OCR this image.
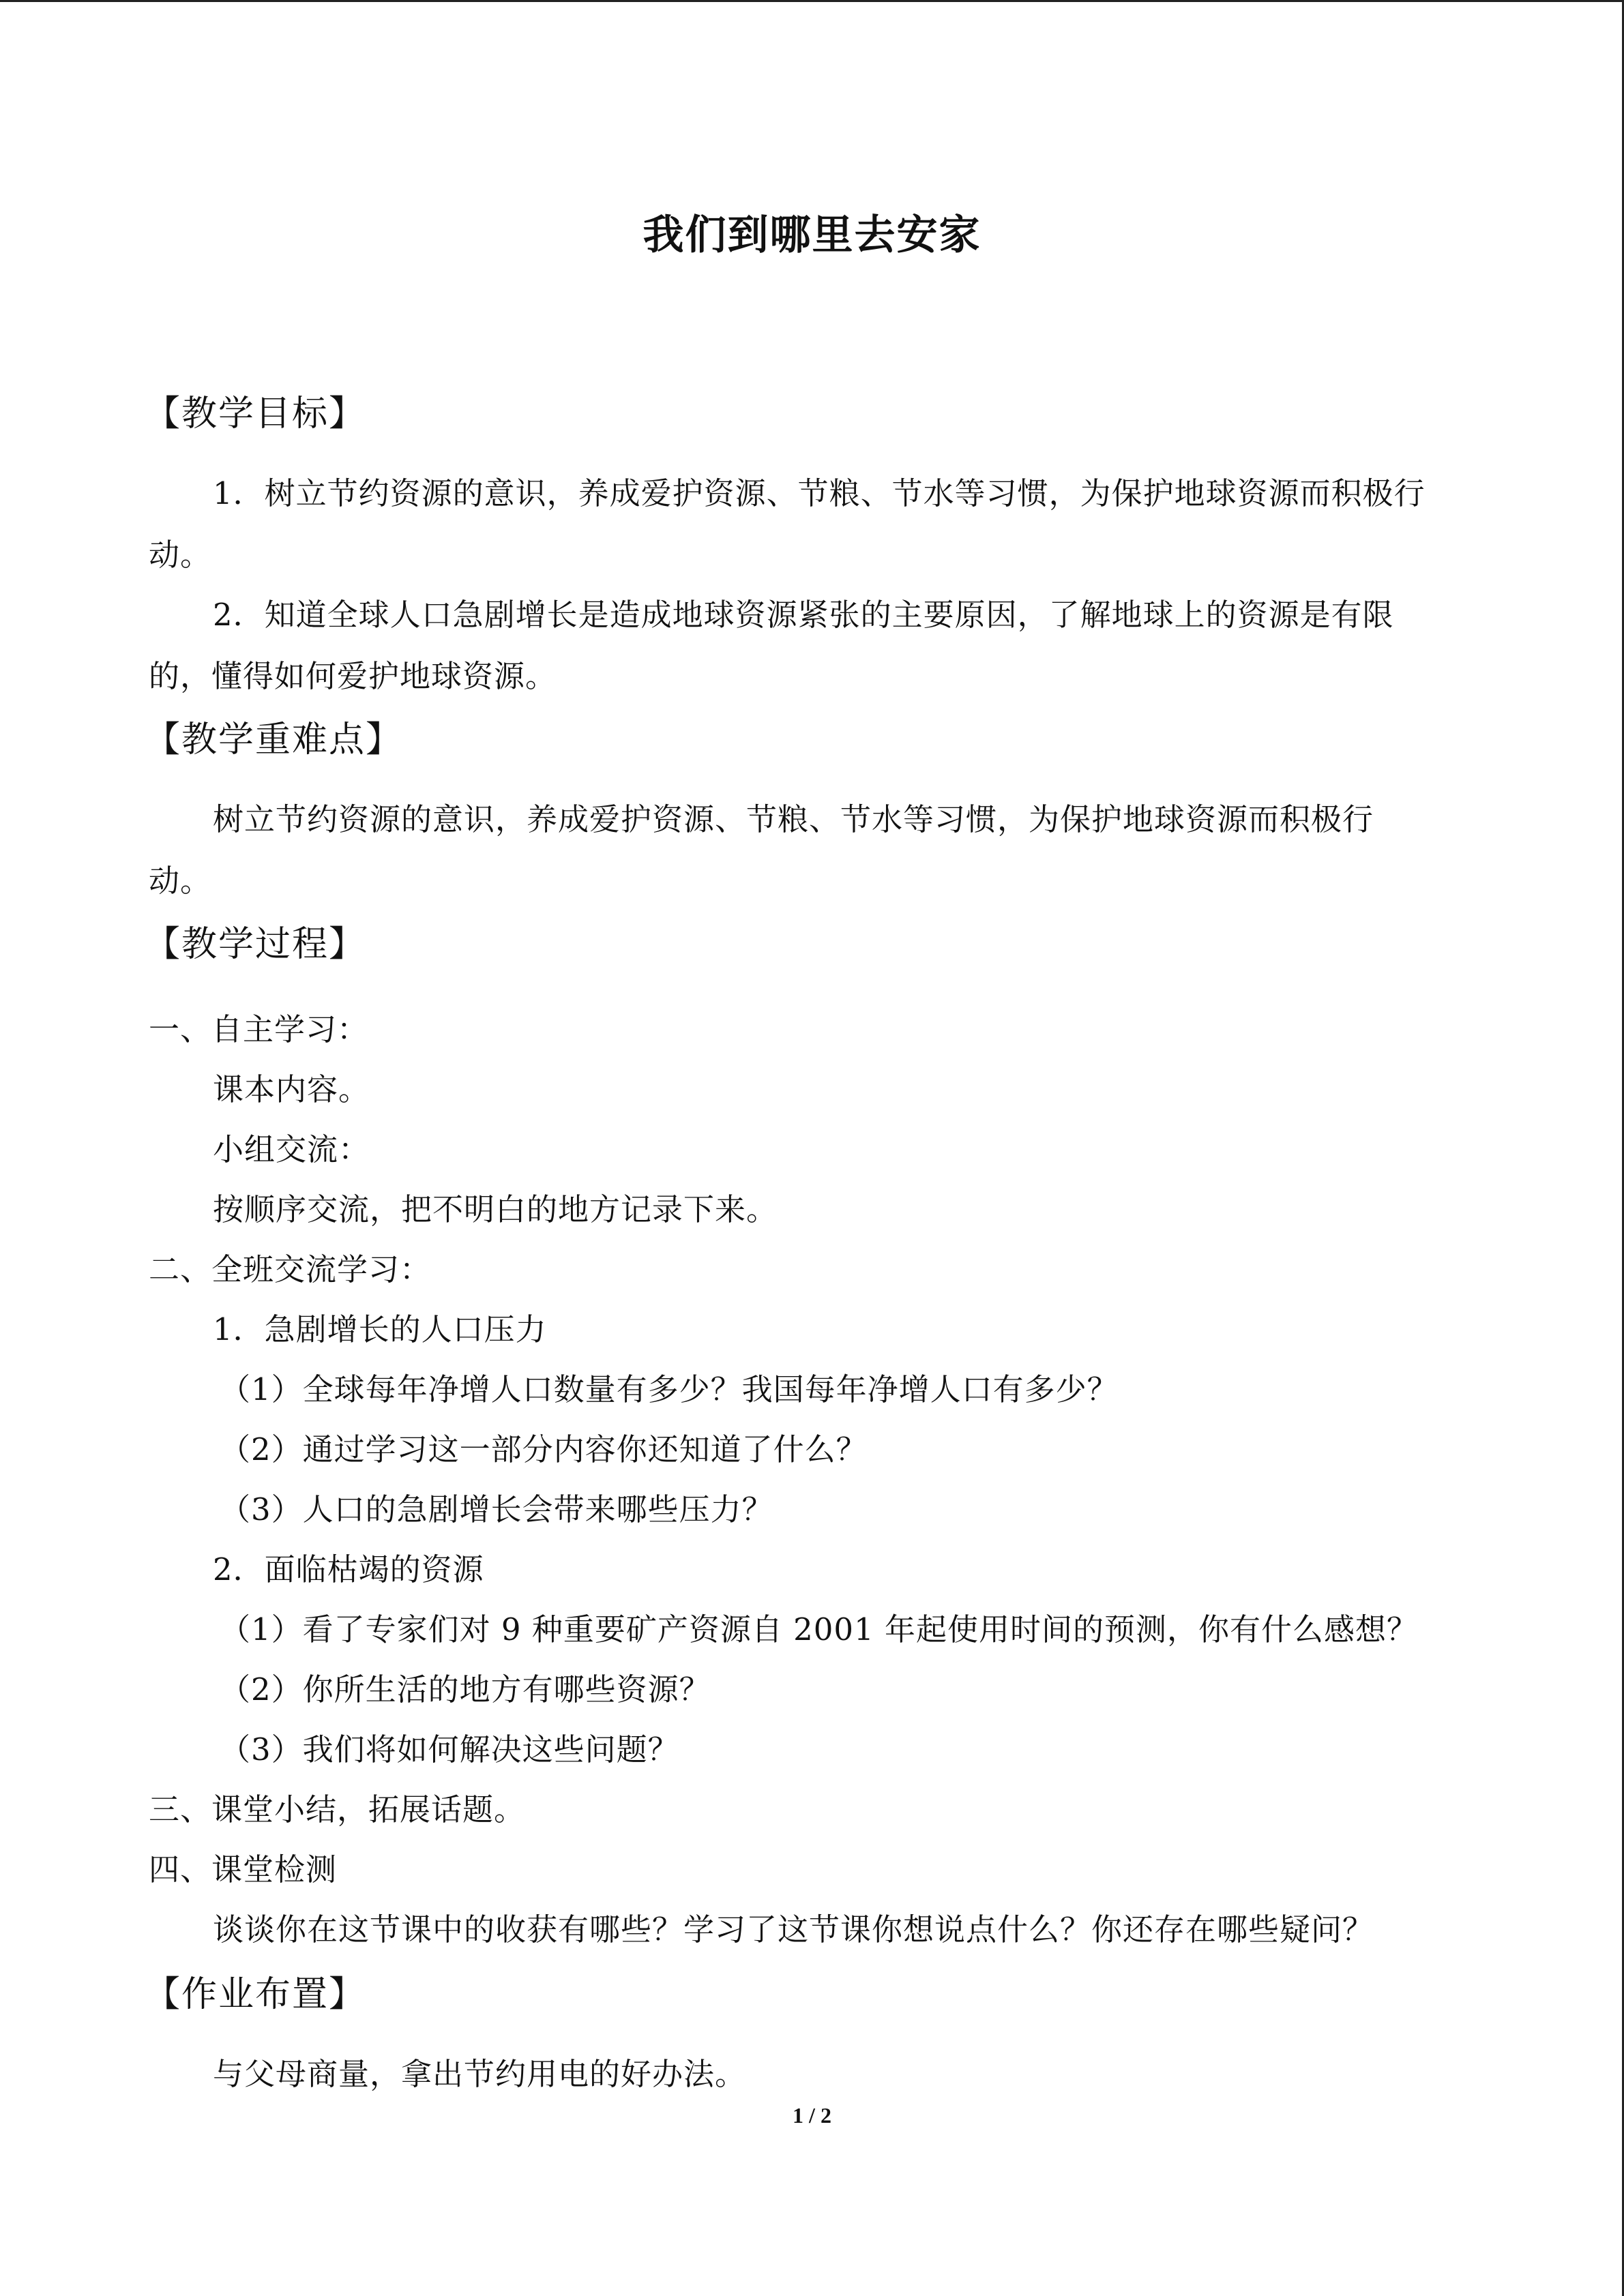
我们到哪里去安家
【教学目标】
1．树立节约资源的意识，养成爱护资源、节粮、节水等习惯，为保护地球资源而积极行
动。
2．知道全球人口急剧增长是造成地球资源紧张的主要原因，了解地球上的资源是有限
的，懂得如何爱护地球资源。
【教学重难点】
树立节约资源的意识，养成爱护资源、节粮、节水等习惯，为保护地球资源而积极行
动。
【教学过程】
一、自主学习：
课本内容。
小组交流：
按顺序交流，把不明白的地方记录下来。
二、全班交流学习：
1．急剧增长的人口压力
（1）全球每年净增人口数量有多少？我国每年净增人口有多少？
（2）通过学习这一部分内容你还知道了什么？
（3）人口的急剧增长会带来哪些压力？
2．面临枯竭的资源
（1）看了专家们对 9 种重要矿产资源自 2001 年起使用时间的预测，你有什么感想？
（2）你所生活的地方有哪些资源？
（3）我们将如何解决这些问题？
三、课堂小结，拓展话题。
四、课堂检测
谈谈你在这节课中的收获有哪些？学习了这节课你想说点什么？你还存在哪些疑问？
【作业布置】
与父母商量，拿出节约用电的好办法。
1 / 2
